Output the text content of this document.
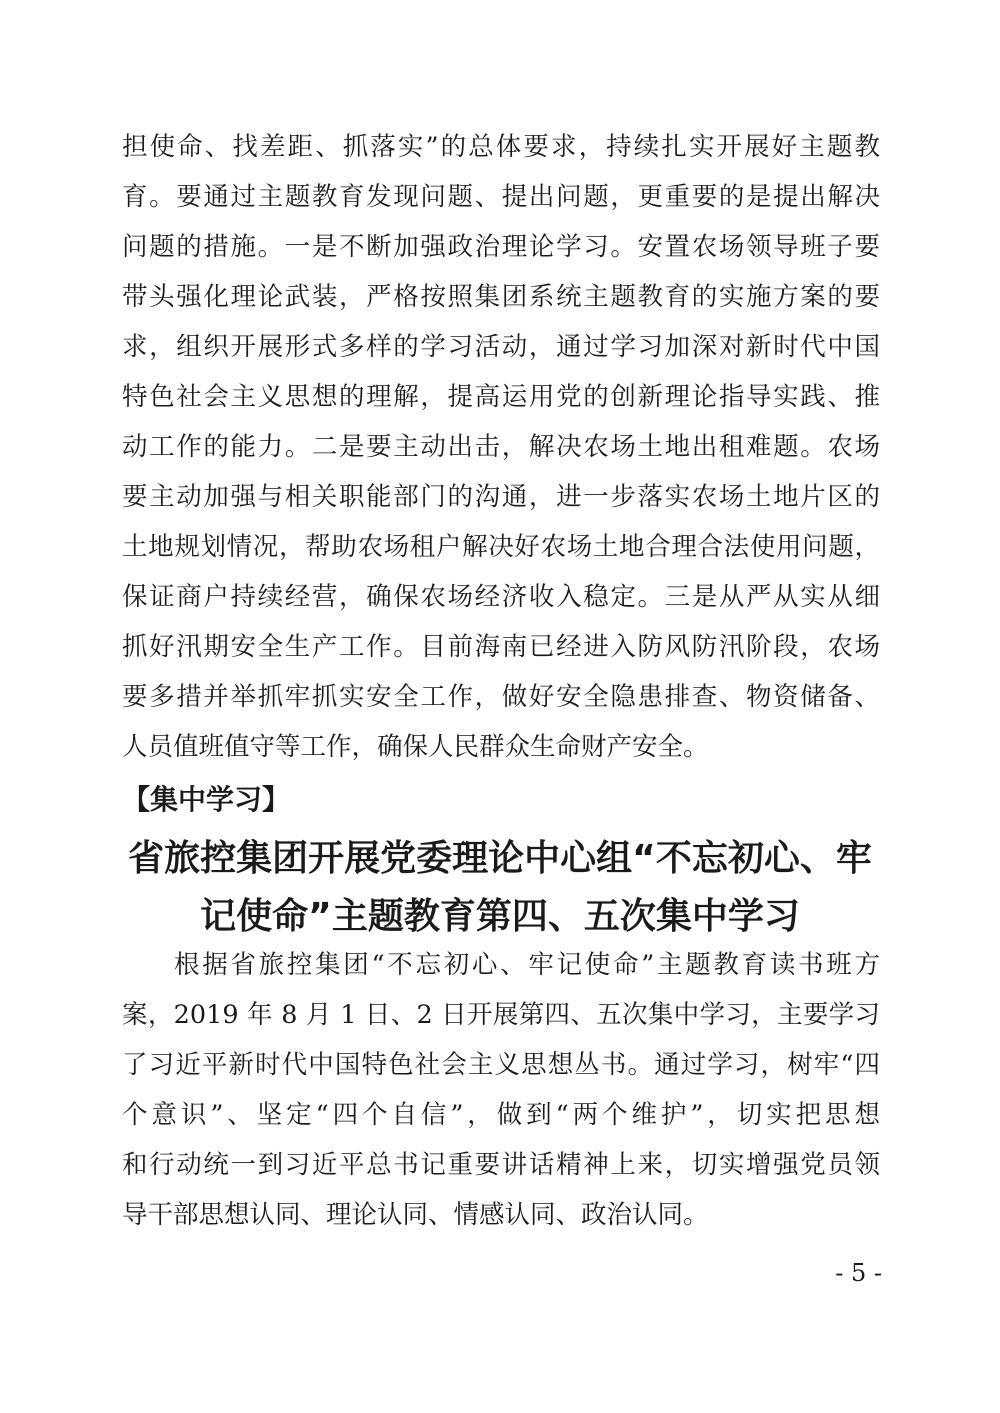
担使命、找差距、抓落实”的总体要求，持续扎实开展好主题教
育。要通过主题教育发现问题、提出问题，更重要的是提出解决
问题的措施。一是不断加强政治理论学习。安置农场领导班子要
带头强化理论武装，严格按照集团系统主题教育的实施方案的要
求，组织开展形式多样的学习活动，通过学习加深对新时代中国
特色社会主义思想的理解，提高运用党的创新理论指导实践、推
动工作的能力。二是要主动出击，解决农场土地出租难题。农场
要主动加强与相关职能部门的沟通，进一步落实农场土地片区的
土地规划情况，帮助农场租户解决好农场土地合理合法使用问题，
保证商户持续经营，确保农场经济收入稳定。三是从严从实从细
抓好汛期安全生产工作。目前海南已经进入防风防汛阶段，农场
要多措并举抓牢抓实安全工作，做好安全隐患排查、物资储备、
人员值班值守等工作，确保人民群众生命财产安全。
【集中学习】
省旅控集团开展党委理论中心组“不忘初心、牢
记使命”主题教育第四、五次集中学习
根据省旅控集团“不忘初心、牢记使命”主题教育读书班方
案，2019 年 8 月 1 日、2 日开展第四、五次集中学习，主要学习
了习近平新时代中国特色社会主义思想丛书。通过学习，树牢“四
个意识”、坚定“四个自信”，做到“两个维护”，切实把思想
和行动统一到习近平总书记重要讲话精神上来，切实增强党员领
导干部思想认同、理论认同、情感认同、政治认同。
- 5 -
